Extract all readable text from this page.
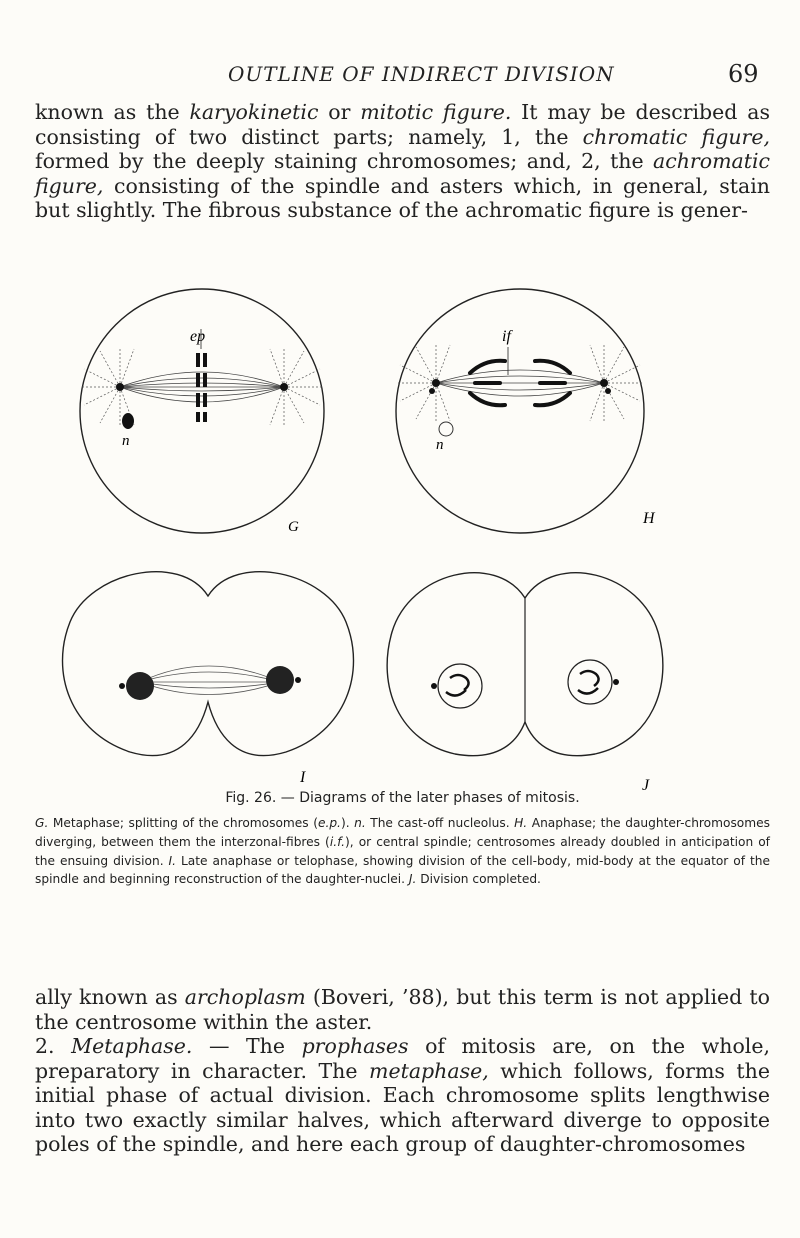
OUTLINE OF INDIRECT DIVISION	69

known as the karyokinetic or mitotic figure. It may be described as consisting of two distinct parts; namely, 1, the chromatic figure, formed by the deeply staining chromosomes; and, 2, the achromatic figure, consisting of the spindle and asters which, in general, stain but slightly. The fibrous substance of the achromatic figure is gener-

ep
n
G
if
n
H
I	J
Fig. 26. — Diagrams of the later phases of mitosis.
G. Metaphase; splitting of the chromosomes (e.p.). n. The cast-off nucleolus. H. Anaphase; the daughter-chromosomes diverging, between them the interzonal-fibres (i.f.), or central spindle; centrosomes already doubled in anticipation of the ensuing division. I. Late anaphase or telophase, showing division of the cell-body, mid-body at the equator of the spindle and beginning reconstruction of the daughter-nuclei. J. Division completed.

ally known as archoplasm (Boveri, ’88), but this term is not applied to the centrosome within the aster.

2. Metaphase. — The prophases of mitosis are, on the whole, preparatory in character. The metaphase, which follows, forms the initial phase of actual division. Each chromosome splits lengthwise into two exactly similar halves, which afterward diverge to opposite poles of the spindle, and here each group of daughter-chromosomes
